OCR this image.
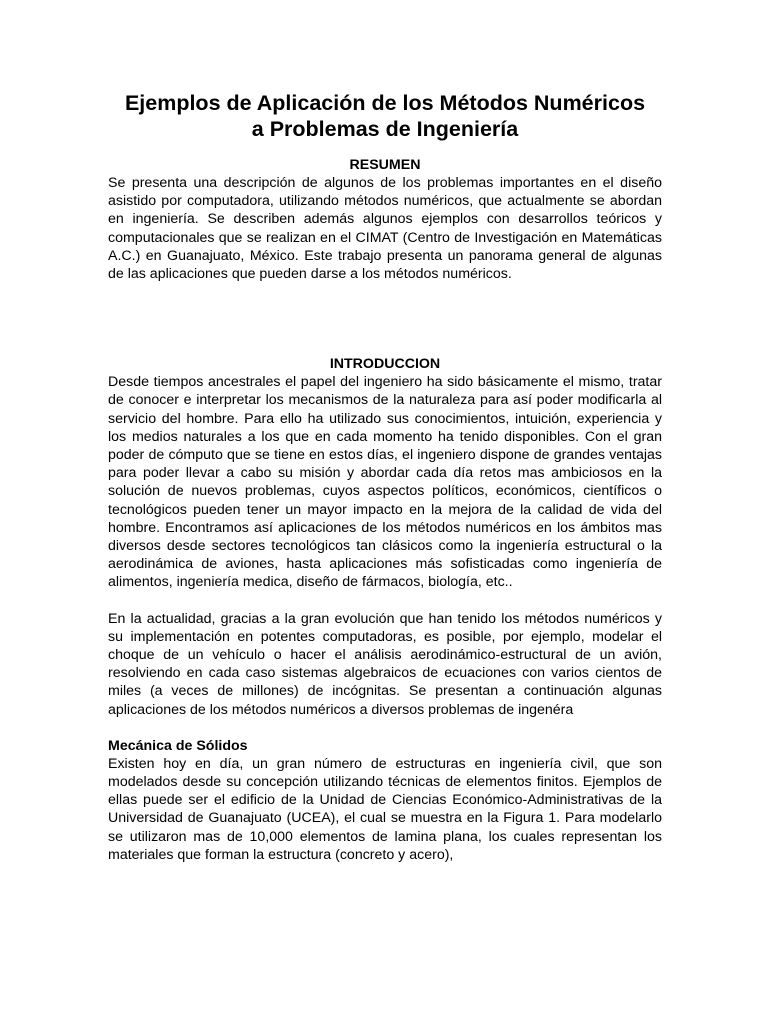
Ejemplos de Aplicación de los Métodos Numéricos
a Problemas de Ingeniería
RESUMEN

Se presenta una descripción de algunos de los problemas importantes en el diseño asistido por computadora, utilizando métodos numéricos, que actualmente se abordan en ingeniería. Se describen además algunos ejemplos con desarrollos teóricos y computacionales que se realizan en el CIMAT (Centro de Investigación en Matemáticas A.C.) en Guanajuato, México. Este trabajo presenta un panorama general de algunas de las aplicaciones que pueden darse a los métodos numéricos.

INTRODUCCION

Desde tiempos ancestrales el papel del ingeniero ha sido básicamente el mismo, tratar de conocer e interpretar los mecanismos de la naturaleza para así poder modificarla al servicio del hombre. Para ello ha utilizado sus conocimientos, intuición, experiencia y los medios naturales a los que en cada momento ha tenido disponibles. Con el gran poder de cómputo que se tiene en estos días, el ingeniero dispone de grandes ventajas para poder llevar a cabo su misión y abordar cada día retos mas ambiciosos en la solución de nuevos problemas, cuyos aspectos políticos, económicos, científicos o tecnológicos pueden tener un mayor impacto en la mejora de la calidad de vida del hombre. Encontramos así aplicaciones de los métodos numéricos en los ámbitos mas diversos desde sectores tecnológicos tan clásicos como la ingeniería estructural o la aerodinámica de aviones, hasta aplicaciones más sofisticadas como ingeniería de alimentos, ingeniería medica, diseño de fármacos, biología, etc..

En la actualidad, gracias a la gran evolución que han tenido los métodos numéricos y su implementación en potentes computadoras, es posible, por ejemplo, modelar el choque de un vehículo o hacer el análisis aerodinámico-estructural de un avión, resolviendo en cada caso sistemas algebraicos de ecuaciones con varios cientos de miles (a veces de millones) de incógnitas. Se presentan a continuación algunas aplicaciones de los métodos numéricos a diversos problemas de ingenéra

Mecánica de Sólidos

Existen hoy en día, un gran número de estructuras en ingeniería civil, que son modelados desde su concepción utilizando técnicas de elementos finitos. Ejemplos de ellas puede ser el edificio de la Unidad de Ciencias Económico-Administrativas de la Universidad de Guanajuato (UCEA), el cual se muestra en la Figura 1. Para modelarlo se utilizaron mas de 10,000 elementos de lamina plana, los cuales representan los materiales que forman la estructura (concreto y acero),
